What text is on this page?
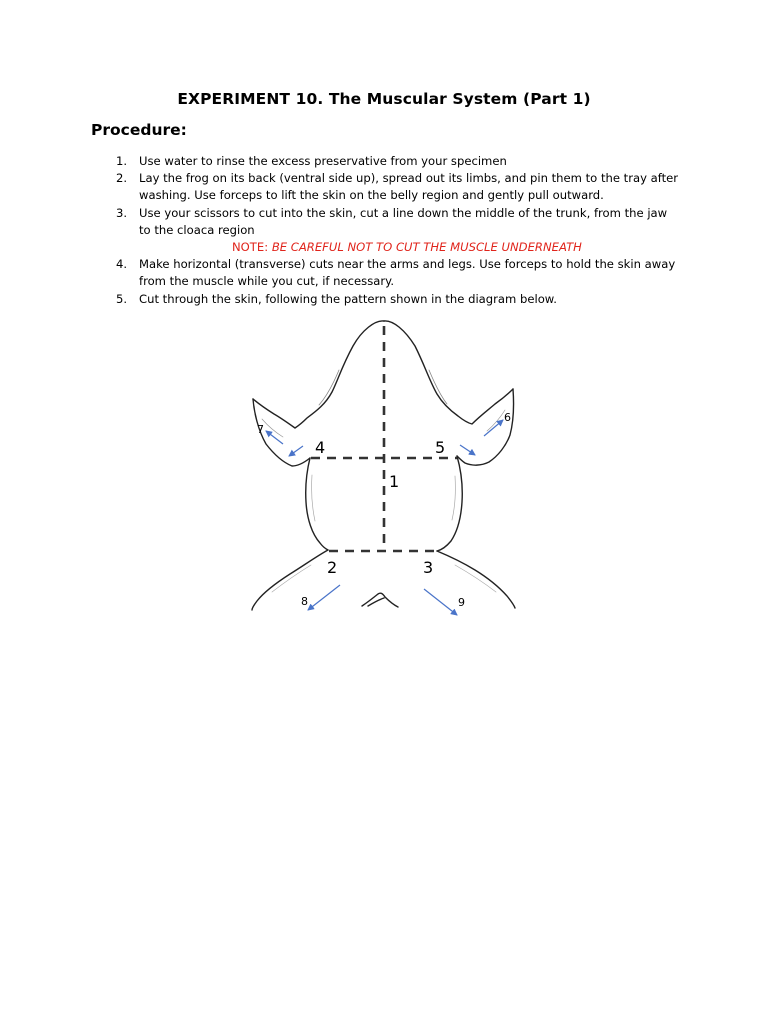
EXPERIMENT 10. The Muscular System (Part 1)
Procedure:
1. Use water to rinse the excess preservative from your specimen
2. Lay the frog on its back (ventral side up), spread out its limbs, and pin them to the tray after washing. Use forceps to lift the skin on the belly region and gently pull outward.
3. Use your scissors to cut into the skin, cut a line down the middle of the trunk, from the jaw to the cloaca region
NOTE: BE CAREFUL NOT TO CUT THE MUSCLE UNDERNEATH
4. Make horizontal (transverse) cuts near the arms and legs. Use forceps to hold the skin away from the muscle while you cut, if necessary.
5. Cut through the skin, following the pattern shown in the diagram below.
1
2	3
4	5
6
7
8	9
